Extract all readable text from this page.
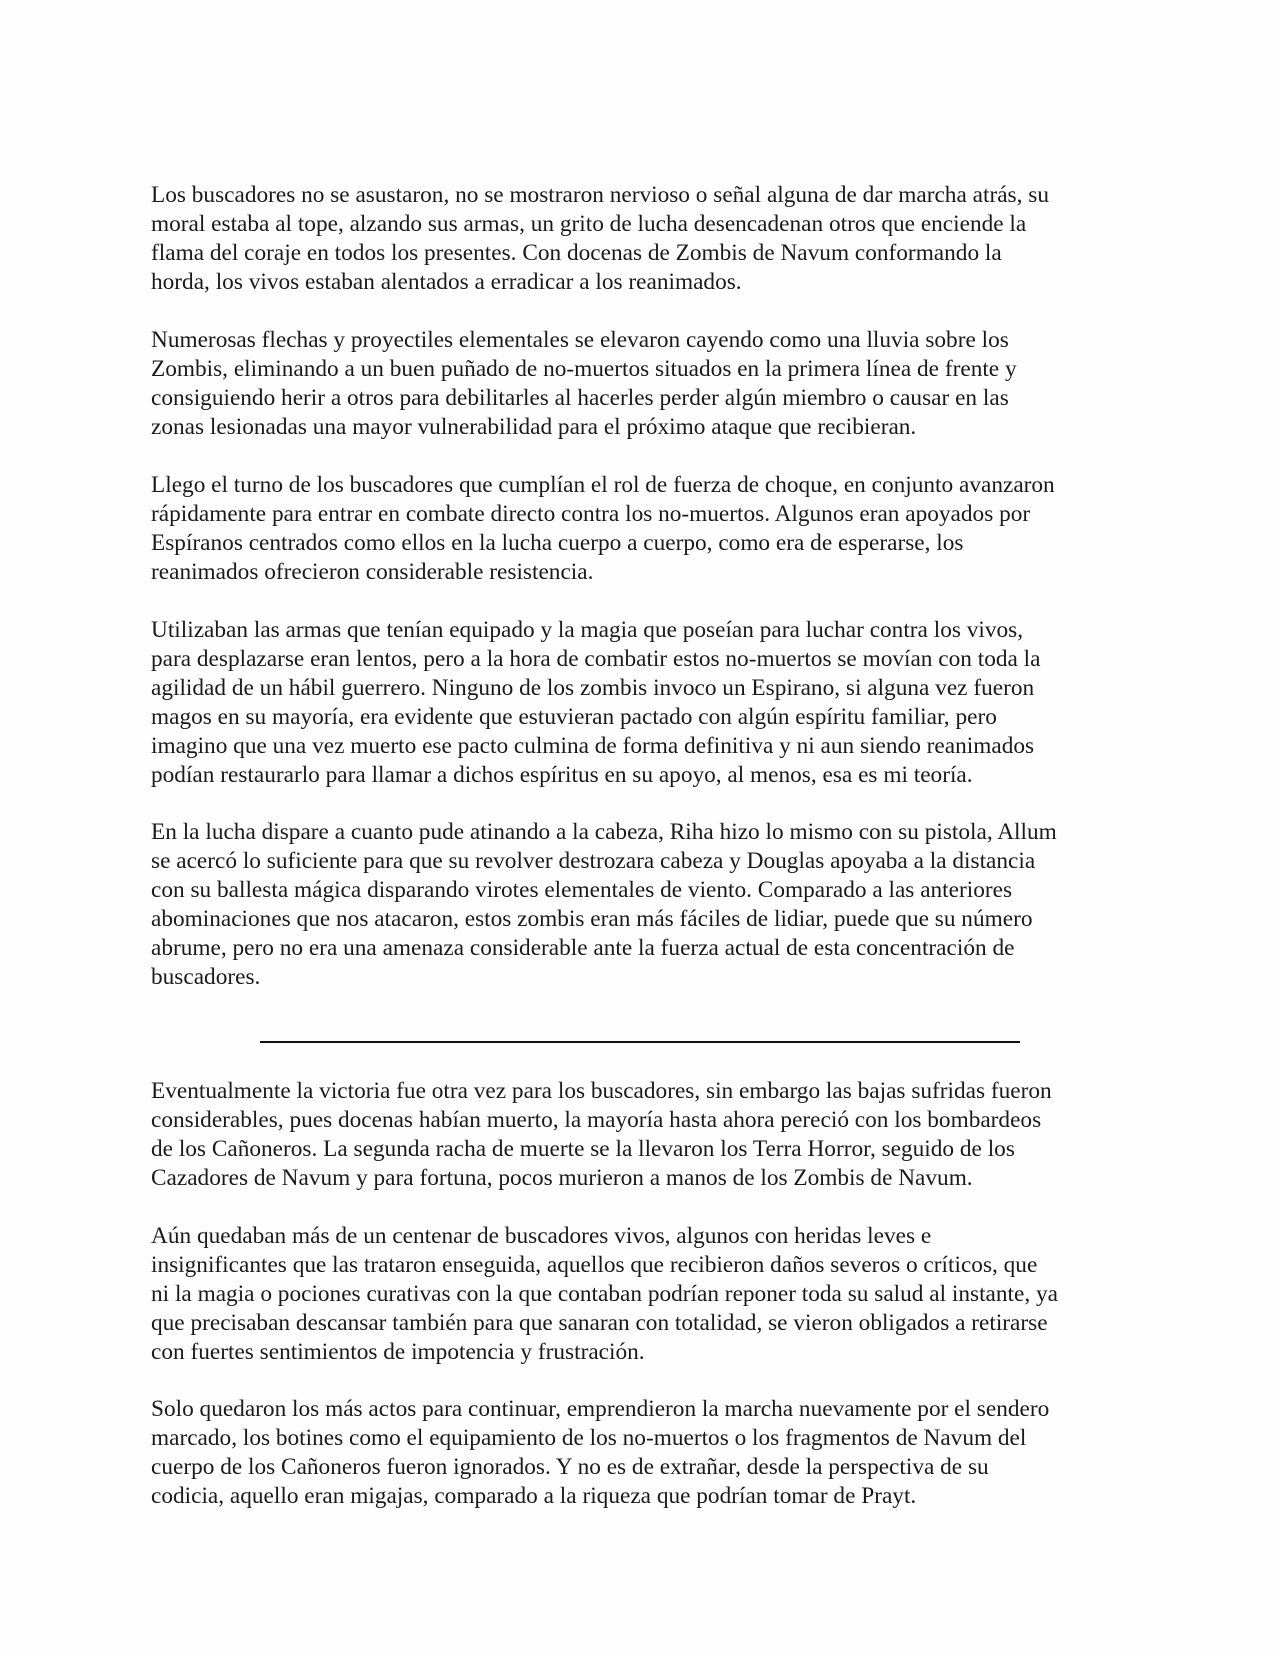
Los buscadores no se asustaron, no se mostraron nervioso o señal alguna de dar marcha atrás, su
moral estaba al tope, alzando sus armas, un grito de lucha desencadenan otros que enciende la
flama del coraje en todos los presentes. Con docenas de Zombis de Navum conformando la
horda, los vivos estaban alentados a erradicar a los reanimados.

Numerosas flechas y proyectiles elementales se elevaron cayendo como una lluvia sobre los
Zombis, eliminando a un buen puñado de no-muertos situados en la primera línea de frente y
consiguiendo herir a otros para debilitarles al hacerles perder algún miembro o causar en las
zonas lesionadas una mayor vulnerabilidad para el próximo ataque que recibieran.

Llego el turno de los buscadores que cumplían el rol de fuerza de choque, en conjunto avanzaron
rápidamente para entrar en combate directo contra los no-muertos. Algunos eran apoyados por
Espíranos centrados como ellos en la lucha cuerpo a cuerpo, como era de esperarse, los
reanimados ofrecieron considerable resistencia.

Utilizaban las armas que tenían equipado y la magia que poseían para luchar contra los vivos,
para desplazarse eran lentos, pero a la hora de combatir estos no-muertos se movían con toda la
agilidad de un hábil guerrero. Ninguno de los zombis invoco un Espirano, si alguna vez fueron
magos en su mayoría, era evidente que estuvieran pactado con algún espíritu familiar, pero
imagino que una vez muerto ese pacto culmina de forma definitiva y ni aun siendo reanimados
podían restaurarlo para llamar a dichos espíritus en su apoyo, al menos, esa es mi teoría.

En la lucha dispare a cuanto pude atinando a la cabeza, Riha hizo lo mismo con su pistola, Allum
se acercó lo suficiente para que su revolver destrozara cabeza y Douglas apoyaba a la distancia
con su ballesta mágica disparando virotes elementales de viento. Comparado a las anteriores
abominaciones que nos atacaron, estos zombis eran más fáciles de lidiar, puede que su número
abrume, pero no era una amenaza considerable ante la fuerza actual de esta concentración de
buscadores.

Eventualmente la victoria fue otra vez para los buscadores, sin embargo las bajas sufridas fueron
considerables, pues docenas habían muerto, la mayoría hasta ahora pereció con los bombardeos
de los Cañoneros. La segunda racha de muerte se la llevaron los Terra Horror, seguido de los
Cazadores de Navum y para fortuna, pocos murieron a manos de los Zombis de Navum.

Aún quedaban más de un centenar de buscadores vivos, algunos con heridas leves e
insignificantes que las trataron enseguida, aquellos que recibieron daños severos o críticos, que
ni la magia o pociones curativas con la que contaban podrían reponer toda su salud al instante, ya
que precisaban descansar también para que sanaran con totalidad, se vieron obligados a retirarse
con fuertes sentimientos de impotencia y frustración.

Solo quedaron los más actos para continuar, emprendieron la marcha nuevamente por el sendero
marcado, los botines como el equipamiento de los no-muertos o los fragmentos de Navum del
cuerpo de los Cañoneros fueron ignorados. Y no es de extrañar, desde la perspectiva de su
codicia, aquello eran migajas, comparado a la riqueza que podrían tomar de Prayt.
